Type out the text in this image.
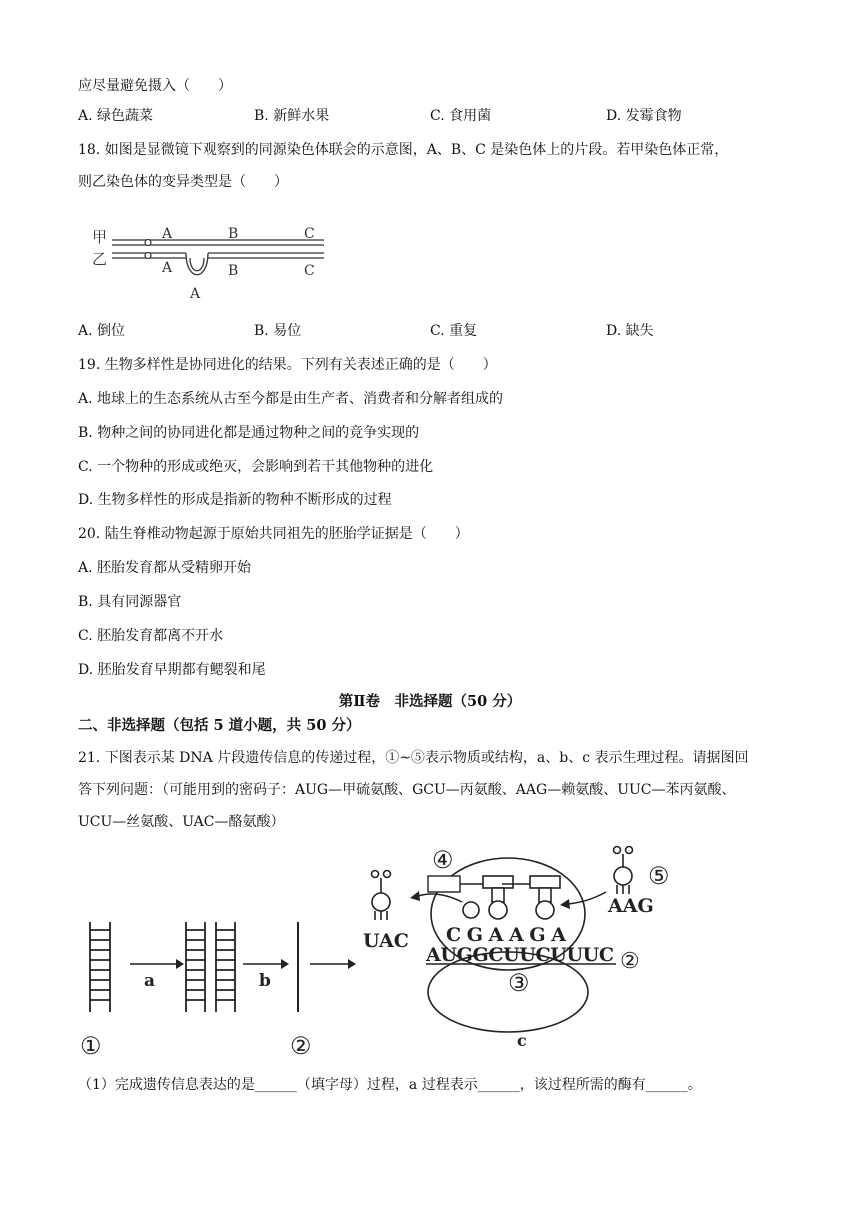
应尽量避免摄入（　　）
A. 绿色蔬菜	B. 新鲜水果	C. 食用菌	D. 发霉食物
18. 如图是显微镜下观察到的同源染色体联会的示意图，A、B、C 是染色体上的片段。若甲染色体正常，
则乙染色体的变异类型是（　　）
甲
乙
A	B	C
A	B	C
A
A. 倒位	B. 易位	C. 重复	D. 缺失
19. 生物多样性是协同进化的结果。下列有关表述正确的是（　　）
A. 地球上的生态系统从古至今都是由生产者、消费者和分解者组成的
B. 物种之间的协同进化都是通过物种之间的竞争实现的
C. 一个物种的形成或绝灭，会影响到若干其他物种的进化
D. 生物多样性的形成是指新的物种不断形成的过程
20. 陆生脊椎动物起源于原始共同祖先的胚胎学证据是（　　）
A. 胚胎发育都从受精卵开始
B. 具有同源器官
C. 胚胎发育都离不开水
D. 胚胎发育早期都有鳃裂和尾
第Ⅱ卷　非选择题（50 分）
二、非选择题（包括 5 道小题，共 50 分）
21. 下图表示某 DNA 片段遗传信息的传递过程，①~⑤表示物质或结构，a、b、c 表示生理过程。请据图回
答下列问题：（可能用到的密码子：AUG—甲硫氨酸、GCU—丙氨酸、AAG—赖氨酸、UUC—苯丙氨酸、
UCU—丝氨酸、UAC—酪氨酸）
a	b
①	②
AUGGCUUCUUUC
CGAAGA
②
③
c
④
UAC
AAG
⑤
（1）完成遗传信息表达的是______（填字母）过程，a 过程表示______，该过程所需的酶有______。
